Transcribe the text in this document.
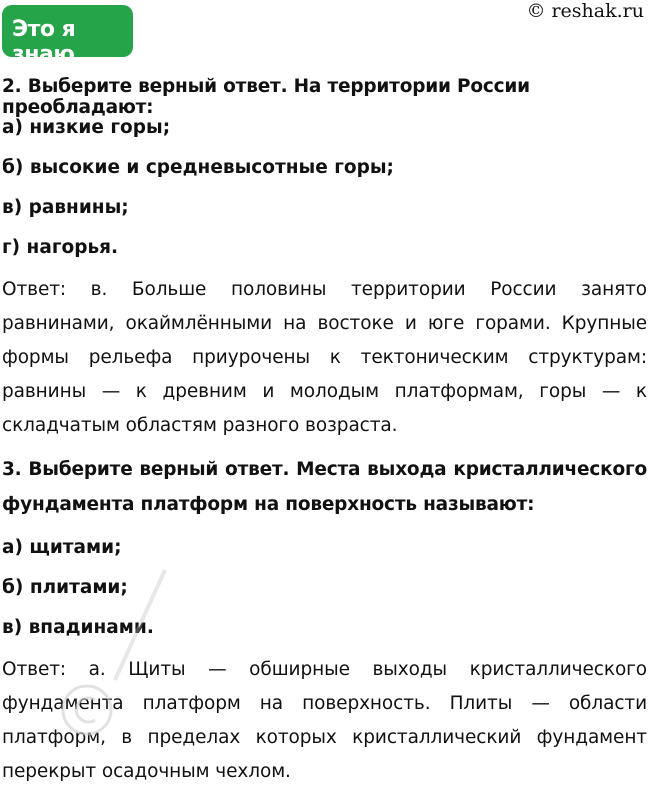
Это я знаю
© reshak.ru
2. Выберите верный ответ. На территории России преобладают:
а) низкие горы;
б) высокие и средневысотные горы;
в) равнины;
г) нагорья.
Ответ: в. Больше половины территории России занято равнинами, окаймлёнными на востоке и юге горами. Крупные формы рельефа приурочены к тектоническим структурам: равнины — к древним и молодым платформам, горы — к складчатым областям разного возраста.
3. Выберите верный ответ. Места выхода кристаллического фундамента платформ на поверхность называют:
а) щитами;
б) плитами;
в) впадинами.
Ответ: а. Щиты — обширные выходы кристаллического фундамента платформ на поверхность. Плиты — области платформ, в пределах которых кристаллический фундамент перекрыт осадочным чехлом.
